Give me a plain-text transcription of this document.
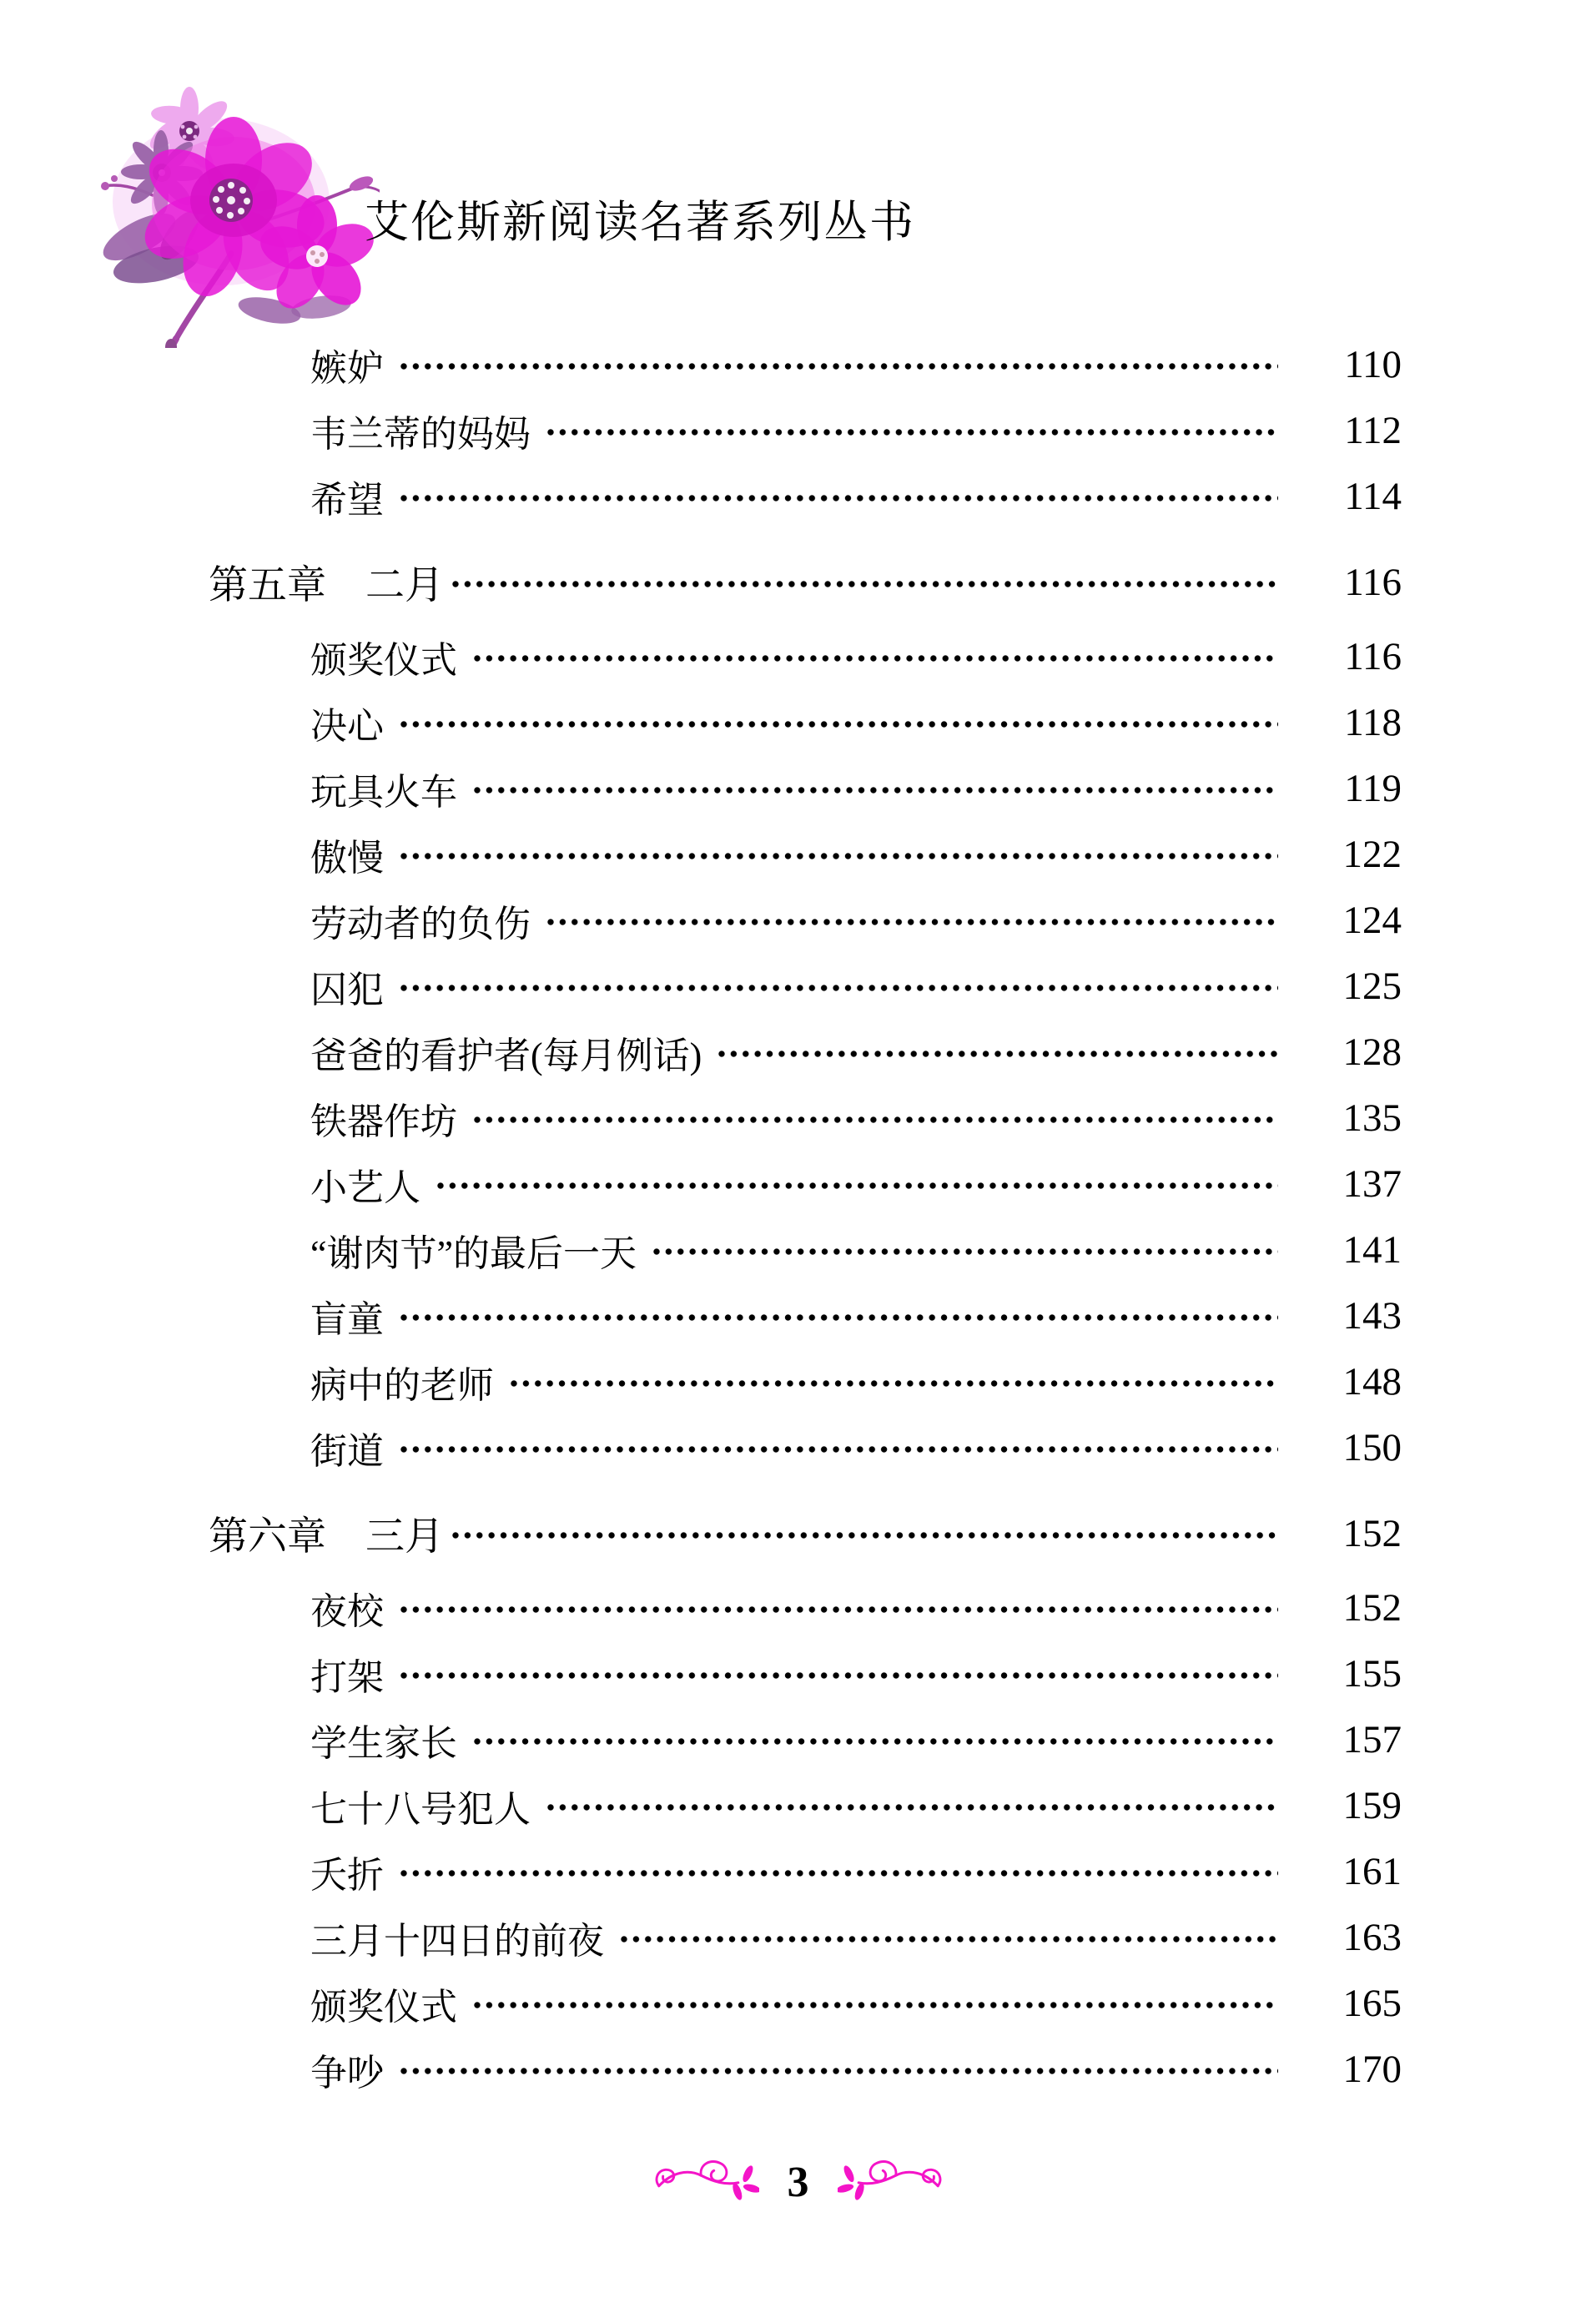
艾伦斯新阅读名著系列丛书
嫉妒	110
韦兰蒂的妈妈	112
希望	114
第五章　二月	116
颁奖仪式	116
决心	118
玩具火车	119
傲慢	122
劳动者的负伤	124
囚犯	125
爸爸的看护者(每月例话)	128
铁器作坊	135
小艺人	137
“谢肉节”的最后一天	141
盲童	143
病中的老师	148
街道	150
第六章　三月	152
夜校	152
打架	155
学生家长	157
七十八号犯人	159
夭折	161
三月十四日的前夜	163
颁奖仪式	165
争吵	170
3
